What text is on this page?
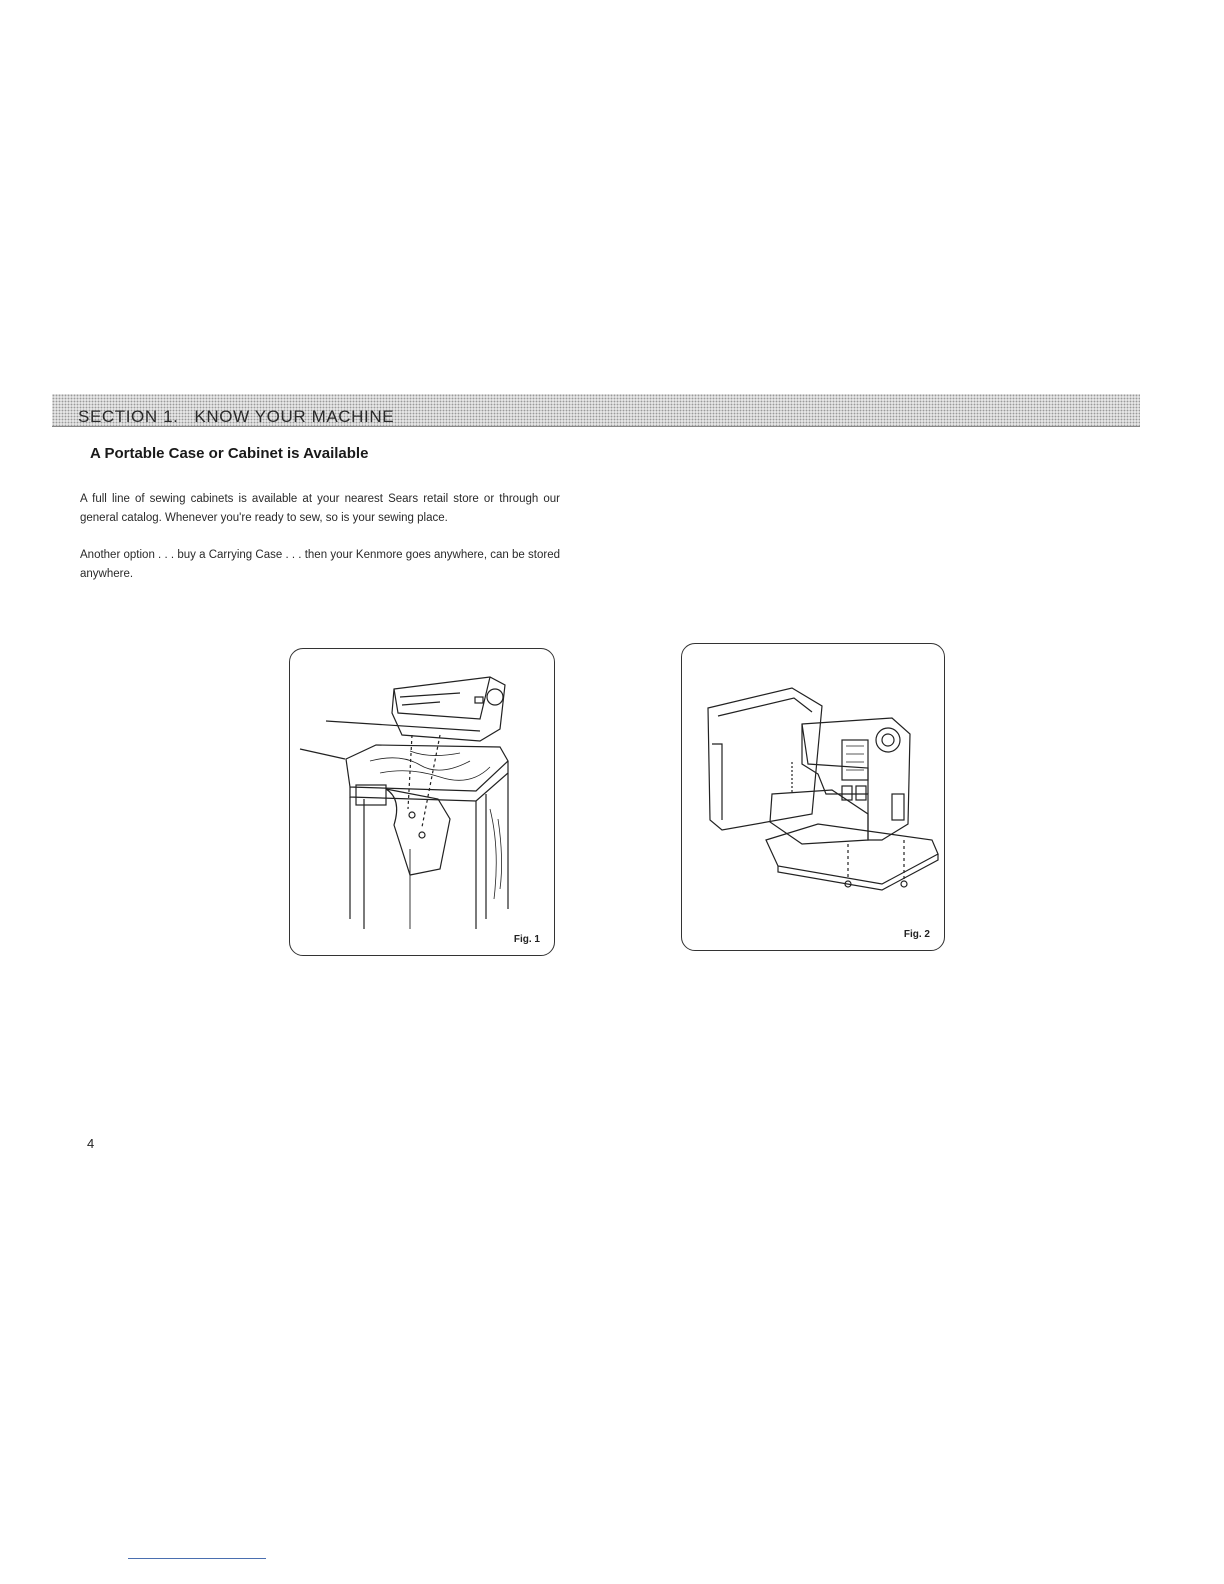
SECTION 1.   KNOW YOUR MACHINE
A Portable Case or Cabinet is Available

A full line of sewing cabinets is available at your nearest Sears retail store or through our general catalog. Whenever you're ready to sew, so is your sewing place.

Another option . . . buy a Carrying Case . . . then your Kenmore goes anywhere, can be stored anywhere.

Fig. 1	Fig. 2
4
